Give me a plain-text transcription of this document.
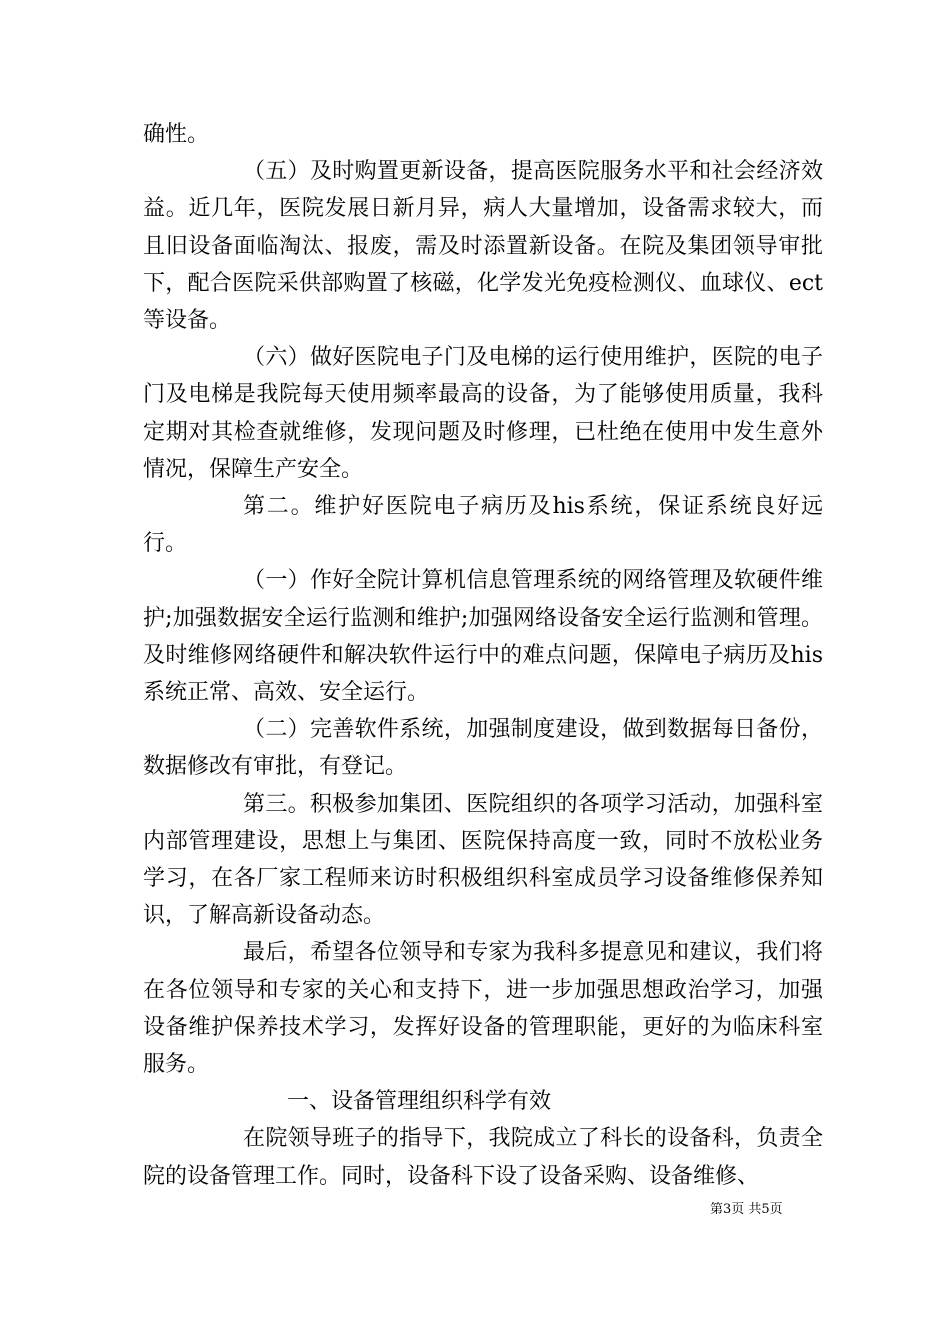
确性。

（五）及时购置更新设备，提高医院服务水平和社会经济效益。近几年，医院发展日新月异，病人大量增加，设备需求较大，而且旧设备面临淘汰、报废，需及时添置新设备。在院及集团领导审批下，配合医院采供部购置了核磁，化学发光免疫检测仪、血球仪、ect等设备。

（六）做好医院电子门及电梯的运行使用维护，医院的电子门及电梯是我院每天使用频率最高的设备，为了能够使用质量，我科定期对其检查就维修，发现问题及时修理，已杜绝在使用中发生意外情况，保障生产安全。

第二。维护好医院电子病历及his系统，保证系统良好远行。

（一）作好全院计算机信息管理系统的网络管理及软硬件维护;加强数据安全运行监测和维护;加强网络设备安全运行监测和管理。及时维修网络硬件和解决软件运行中的难点问题，保障电子病历及his系统正常、高效、安全运行。

（二）完善软件系统，加强制度建设，做到数据每日备份，数据修改有审批，有登记。

第三。积极参加集团、医院组织的各项学习活动，加强科室内部管理建设，思想上与集团、医院保持高度一致，同时不放松业务学习，在各厂家工程师来访时积极组织科室成员学习设备维修保养知识，了解高新设备动态。

最后，希望各位领导和专家为我科多提意见和建议，我们将在各位领导和专家的关心和支持下，进一步加强思想政治学习，加强设备维护保养技术学习，发挥好设备的管理职能，更好的为临床科室服务。

一、设备管理组织科学有效

在院领导班子的指导下，我院成立了科长的设备科，负责全院的设备管理工作。同时，设备科下设了设备采购、设备维修、

第3页 共5页
